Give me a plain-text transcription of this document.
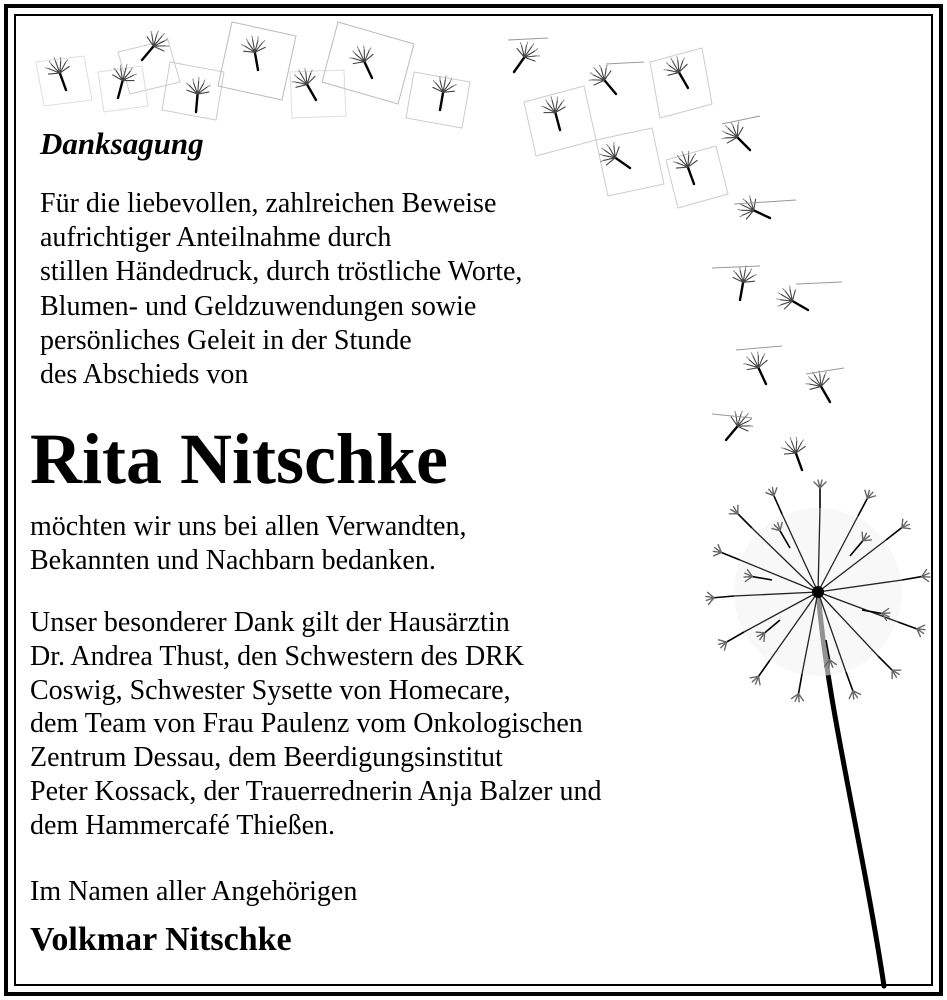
Danksagung
Für die liebevollen, zahlreichen Beweise
aufrichtiger Anteilnahme durch
stillen Händedruck, durch tröstliche Worte,
Blumen- und Geldzuwendungen sowie
persönliches Geleit in der Stunde
des Abschieds von
Rita Nitschke
möchten wir uns bei allen Verwandten,
Bekannten und Nachbarn bedanken.
Unser besonderer Dank gilt der Hausärztin
Dr. Andrea Thust, den Schwestern des DRK
Coswig, Schwester Sysette von Homecare,
dem Team von Frau Paulenz vom Onkologischen
Zentrum Dessau, dem Beerdigungsinstitut
Peter Kossack, der Trauerrednerin Anja Balzer und
dem Hammercafé Thießen.
Im Namen aller Angehörigen
Volkmar Nitschke
